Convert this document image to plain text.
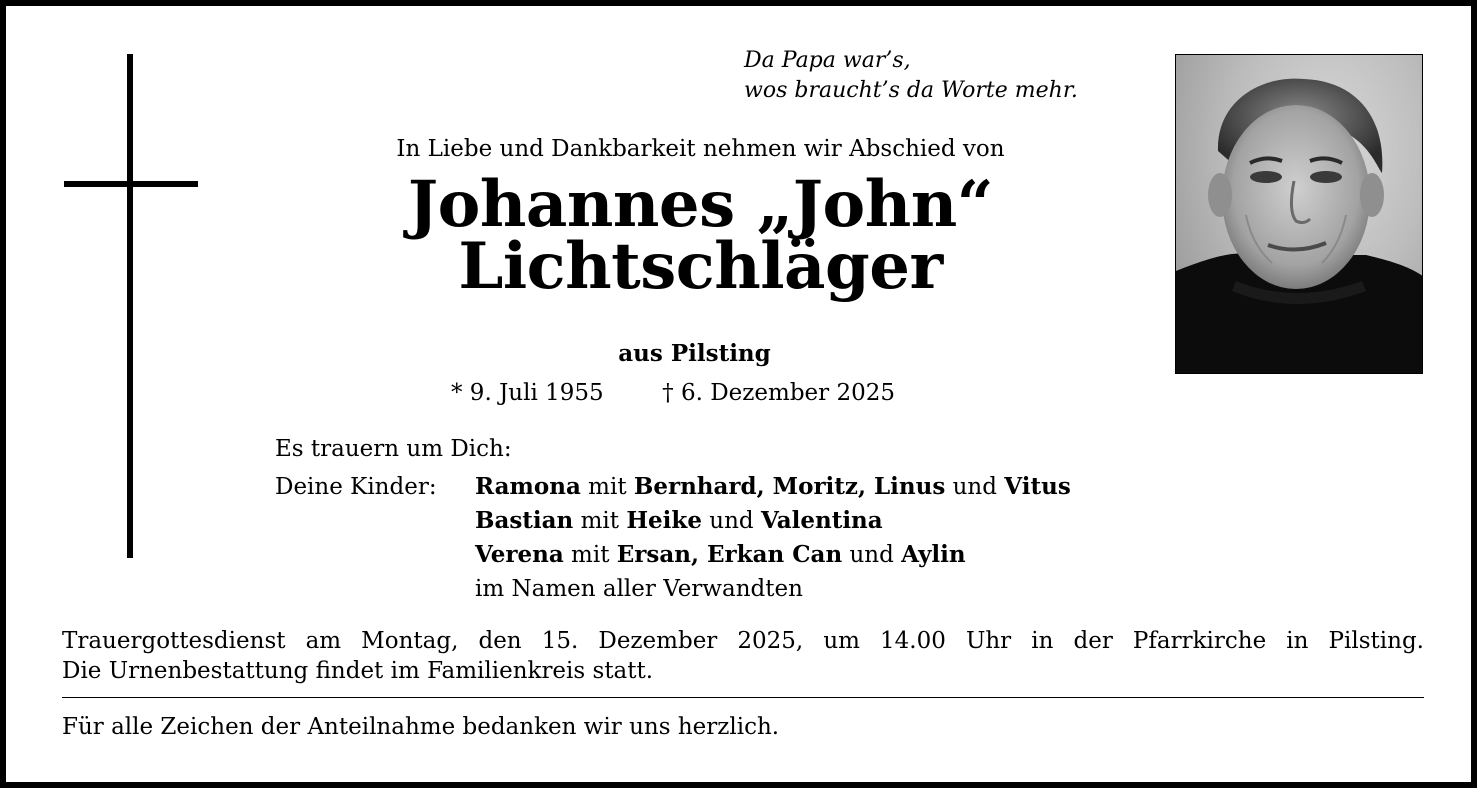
Da Papa war’s,
wos braucht’s da Worte mehr.
In Liebe und Dankbarkeit nehmen wir Abschied von
Johannes „John“
Lichtschläger
aus Pilsting
* 9. Juli 1955	† 6. Dezember 2025
Es trauern um Dich:
Deine Kinder: Ramona mit Bernhard, Moritz, Linus und Vitus
Bastian mit Heike und Valentina
Verena mit Ersan, Erkan Can und Aylin
im Namen aller Verwandten
Trauergottesdienst am Montag, den 15. Dezember 2025, um 14.00 Uhr in der Pfarrkirche in Pilsting.
Die Urnenbestattung findet im Familienkreis statt.
Für alle Zeichen der Anteilnahme bedanken wir uns herzlich.
